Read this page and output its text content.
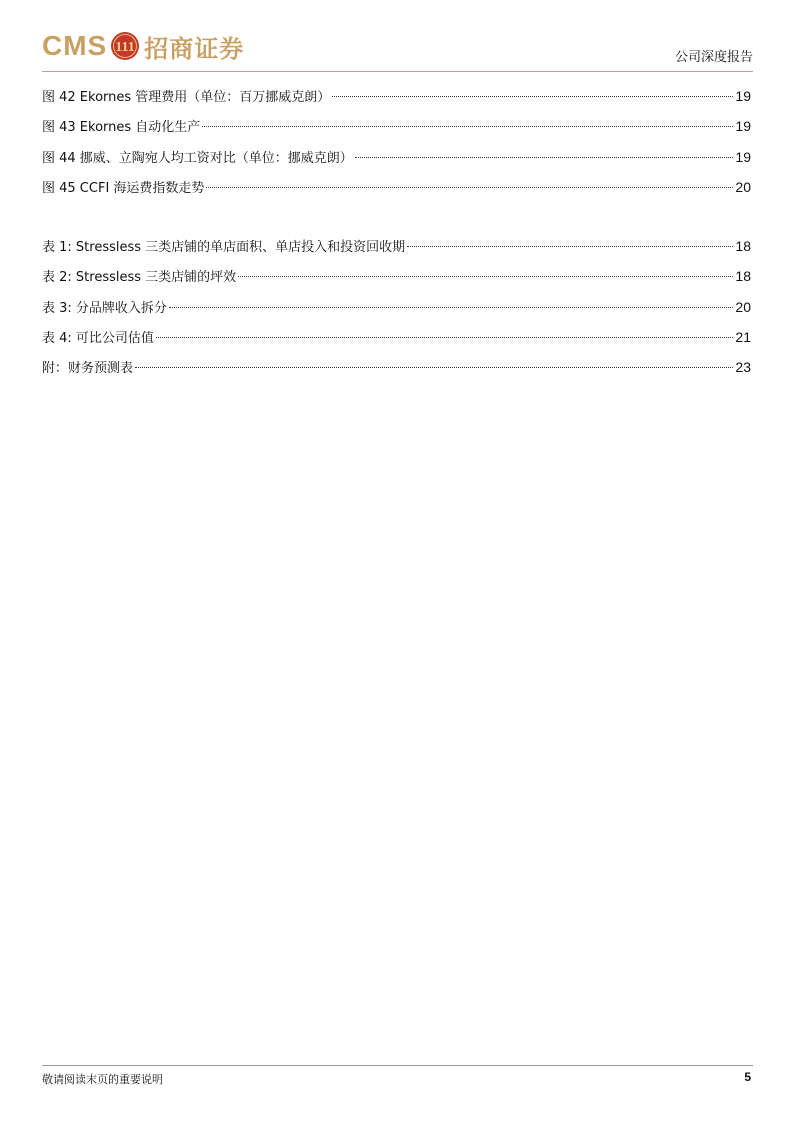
CMS 111 招商证券	公司深度报告
图 42 Ekornes 管理费用（单位：百万挪威克朗）	19
图 43 Ekornes 自动化生产	19
图 44 挪威、立陶宛人均工资对比（单位：挪威克朗）	19
图 45 CCFI 海运费指数走势	20
表 1: Stressless 三类店铺的单店面积、单店投入和投资回收期	18
表 2: Stressless 三类店铺的坪效	18
表 3: 分品牌收入拆分	20
表 4: 可比公司估值	21
附：财务预测表	23
敬请阅读末页的重要说明	5
